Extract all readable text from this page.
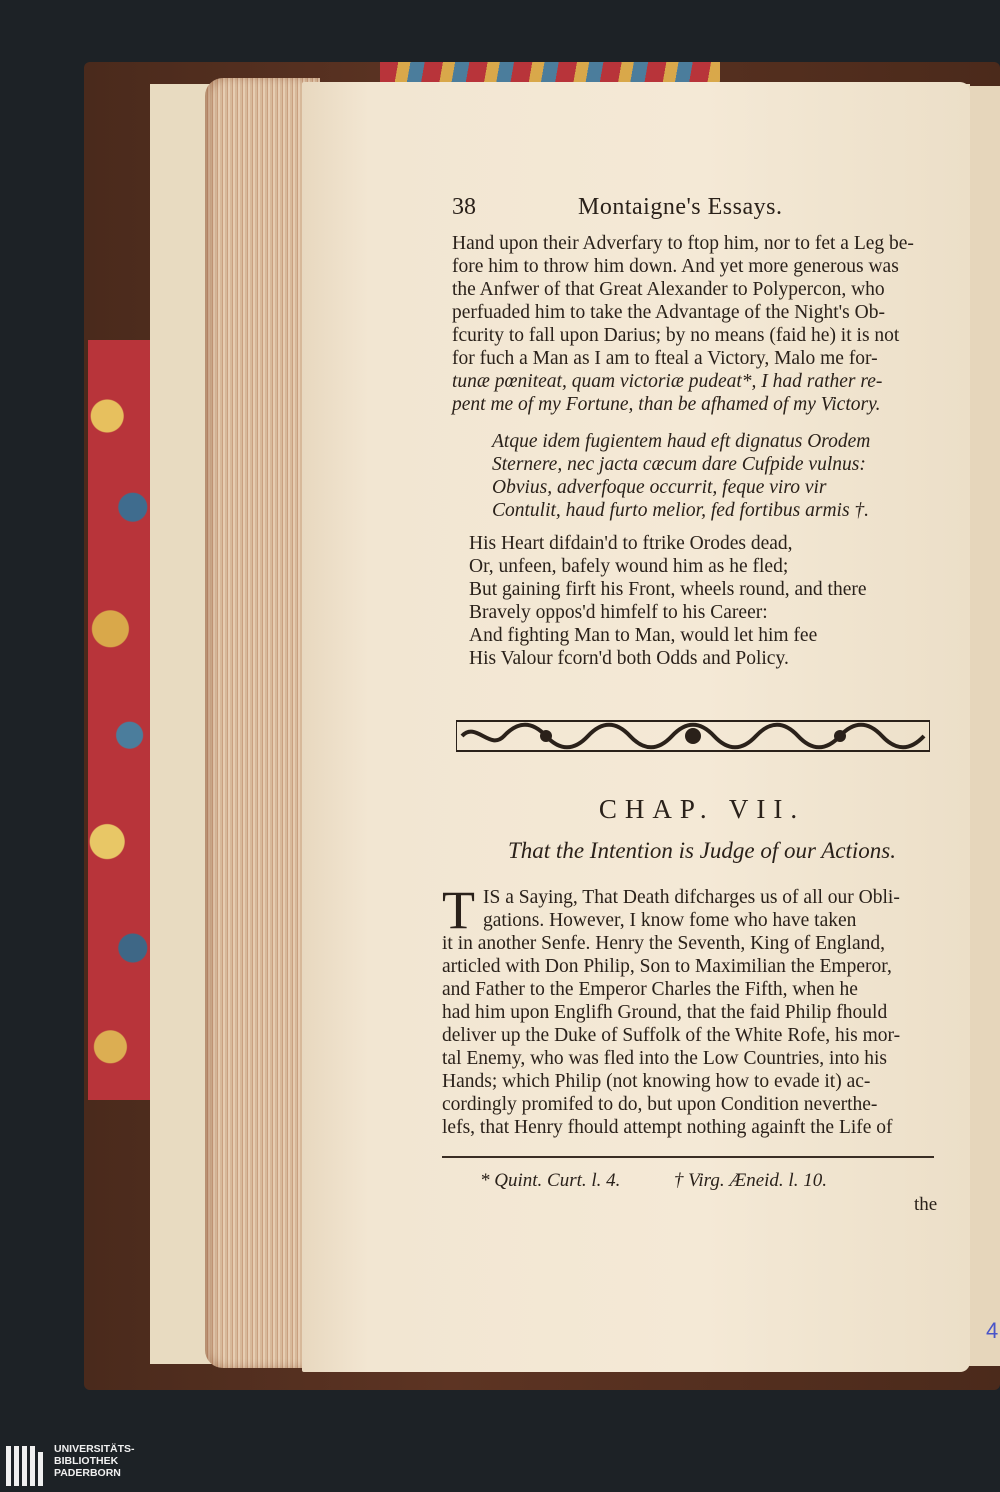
38	Montaigne's Essays.
Hand upon their Adverfary to ftop him, nor to fet a Leg be-
fore him to throw him down. And yet more generous was
the Anfwer of that Great Alexander to Polypercon, who
perfuaded him to take the Advantage of the Night's Ob-
fcurity to fall upon Darius; by no means (faid he) it is not
for fuch a Man as I am to fteal a Victory, Malo me for-
tunæ pœniteat, quam victoriæ pudeat*, I had rather re-
pent me of my Fortune, than be afhamed of my Victory.
Atque idem fugientem haud eft dignatus Orodem
Sternere, nec jacta cæcum dare Cufpide vulnus:
Obvius, adverfoque occurrit, feque viro vir
Contulit, haud furto melior, fed fortibus armis †.
His Heart difdain'd to ftrike Orodes dead,
Or, unfeen, bafely wound him as he fled;
But gaining firft his Front, wheels round, and there
Bravely oppos'd himfelf to his Career:
And fighting Man to Man, would let him fee
His Valour fcorn'd both Odds and Policy.
CHAP. VII.
That the Intention is Judge of our Actions.
T IS a Saying, That Death difcharges us of all our Obli-
gations. However, I know fome who have taken
it in another Senfe. Henry the Seventh, King of England,
articled with Don Philip, Son to Maximilian the Emperor,
and Father to the Emperor Charles the Fifth, when he
had him upon Englifh Ground, that the faid Philip fhould
deliver up the Duke of Suffolk of the White Rofe, his mor-
tal Enemy, who was fled into the Low Countries, into his
Hands; which Philip (not knowing how to evade it) ac-
cordingly promifed to do, but upon Condition neverthe-
lefs, that Henry fhould attempt nothing againft the Life of
* Quint. Curt. l. 4.	† Virg. Æneid. l. 10.
the
4
UNIVERSITÄTS-
BIBLIOTHEK
PADERBORN
